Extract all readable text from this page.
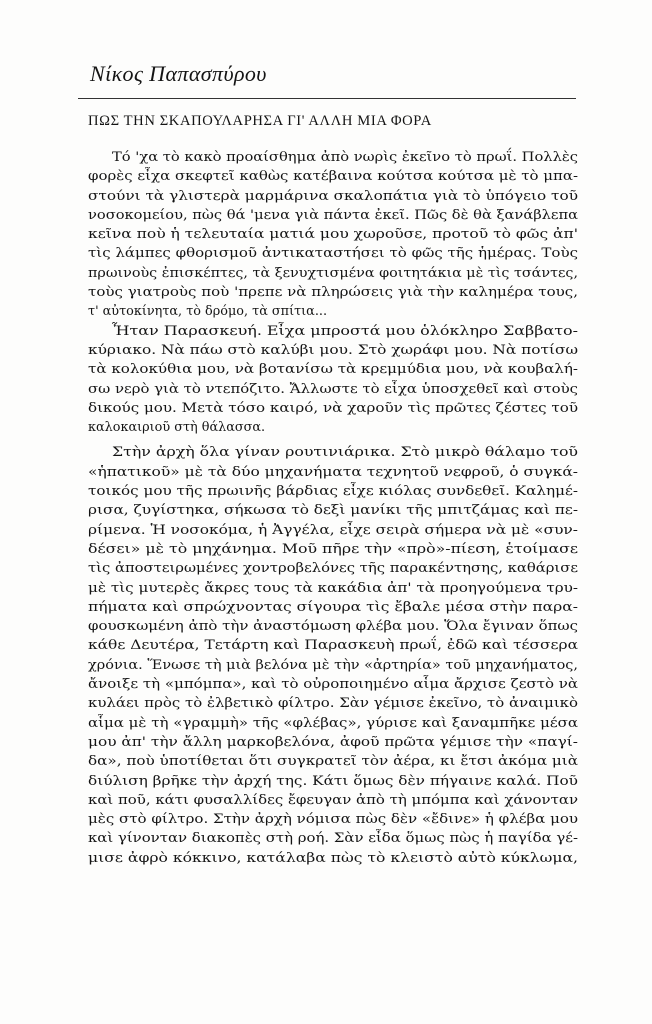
Νίκος Παπασπύρου
ΠΩΣ ΤΗΝ ΣΚΑΠΟΥΛΑΡΗΣΑ ΓΙ' ΑΛΛΗ ΜΙΑ ΦΟΡΑ
Τό 'χα τὸ κακὸ προαίσθημα ἀπὸ νωρὶς ἐκεῖνο τὸ πρωΐ. Πολλὲς
φορὲς εἶχα σκεφτεῖ καθὼς κατέβαινα κούτσα κούτσα μὲ τὸ μπα-
στούνι τὰ γλιστερὰ μαρμάρινα σκαλοπάτια γιὰ τὸ ὑπόγειο τοῦ
νοσοκομείου, πὼς θά 'μενα γιὰ πάντα ἐκεῖ. Πῶς δὲ θὰ ξανάβλεπα
κεῖνα ποὺ ἡ τελευταία ματιά μου χωροῦσε, προτοῦ τὸ φῶς ἀπ'
τὶς λάμπες φθορισμοῦ ἀντικαταστήσει τὸ φῶς τῆς ἡμέρας. Τοὺς
πρωινοὺς ἐπισκέπτες, τὰ ξενυχτισμένα φοιτητάκια μὲ τὶς τσάντες,
τοὺς γιατροὺς ποὺ 'πρεπε νὰ πληρώσεις γιὰ τὴν καλημέρα τους,
τ' αὐτοκίνητα, τὸ δρόμο, τὰ σπίτια...
Ἦταν Παρασκευή. Εἶχα μπροστά μου ὁλόκληρο Σαββατο-
κύριακο. Νὰ πάω στὸ καλύβι μου. Στὸ χωράφι μου. Νὰ ποτίσω
τὰ κολοκύθια μου, νὰ βοτανίσω τὰ κρεμμύδια μου, νὰ κουβαλή-
σω νερὸ γιὰ τὸ ντεπόζιτο. Ἄλλωστε τὸ εἶχα ὑποσχεθεῖ καὶ στοὺς
δικούς μου. Μετὰ τόσο καιρό, νὰ χαροῦν τὶς πρῶτες ζέστες τοῦ
καλοκαιριοῦ στὴ θάλασσα.
Στὴν ἀρχὴ ὅλα γίναν ρουτινιάρικα. Στὸ μικρὸ θάλαμο τοῦ
«ἡπατικοῦ» μὲ τὰ δύο μηχανήματα τεχνητοῦ νεφροῦ, ὁ συγκά-
τοικός μου τῆς πρωινῆς βάρδιας εἶχε κιόλας συνδεθεῖ. Καλημέ-
ρισα, ζυγίστηκα, σήκωσα τὸ δεξὶ μανίκι τῆς μπιτζάμας καὶ πε-
ρίμενα. Ἡ νοσοκόμα, ἡ Ἀγγέλα, εἶχε σειρὰ σήμερα νὰ μὲ «συν-
δέσει» μὲ τὸ μηχάνημα. Μοῦ πῆρε τὴν «πρὸ»-πίεση, ἑτοίμασε
τὶς ἀποστειρωμένες χοντροβελόνες τῆς παρακέντησης, καθάρισε
μὲ τὶς μυτερὲς ἄκρες τους τὰ κακάδια ἀπ' τὰ προηγούμενα τρυ-
πήματα καὶ σπρώχνοντας σίγουρα τὶς ἔβαλε μέσα στὴν παρα-
φουσκωμένη ἀπὸ τὴν ἀναστόμωση φλέβα μου. Ὅλα ἔγιναν ὅπως
κάθε Δευτέρα, Τετάρτη καὶ Παρασκευὴ πρωΐ, ἐδῶ καὶ τέσσερα
χρόνια. Ἕνωσε τὴ μιὰ βελόνα μὲ τὴν «ἀρτηρία» τοῦ μηχανήματος,
ἄνοιξε τὴ «μπόμπα», καὶ τὸ οὐροποιημένο αἷμα ἄρχισε ζεστὸ νὰ
κυλάει πρὸς τὸ ἐλβετικὸ φίλτρο. Σὰν γέμισε ἐκεῖνο, τὸ ἀναιμικὸ
αἷμα μὲ τὴ «γραμμὴ» τῆς «φλέβας», γύρισε καὶ ξαναμπῆκε μέσα
μου ἀπ' τὴν ἄλλη μαρκοβελόνα, ἀφοῦ πρῶτα γέμισε τὴν «παγί-
δα», ποὺ ὑποτίθεται ὅτι συγκρατεῖ τὸν ἀέρα, κι ἔτσι ἀκόμα μιὰ
διύλιση βρῆκε τὴν ἀρχή της. Κάτι ὅμως δὲν πήγαινε καλά. Ποῦ
καὶ ποῦ, κάτι φυσαλλίδες ἔφευγαν ἀπὸ τὴ μπόμπα καὶ χάνονταν
μὲς στὸ φίλτρο. Στὴν ἀρχὴ νόμισα πὼς δὲν «ἔδινε» ἡ φλέβα μου
καὶ γίνονταν διακοπὲς στὴ ροή. Σὰν εἶδα ὅμως πὼς ἡ παγίδα γέ-
μισε ἀφρὸ κόκκινο, κατάλαβα πὼς τὸ κλειστὸ αὐτὸ κύκλωμα,
